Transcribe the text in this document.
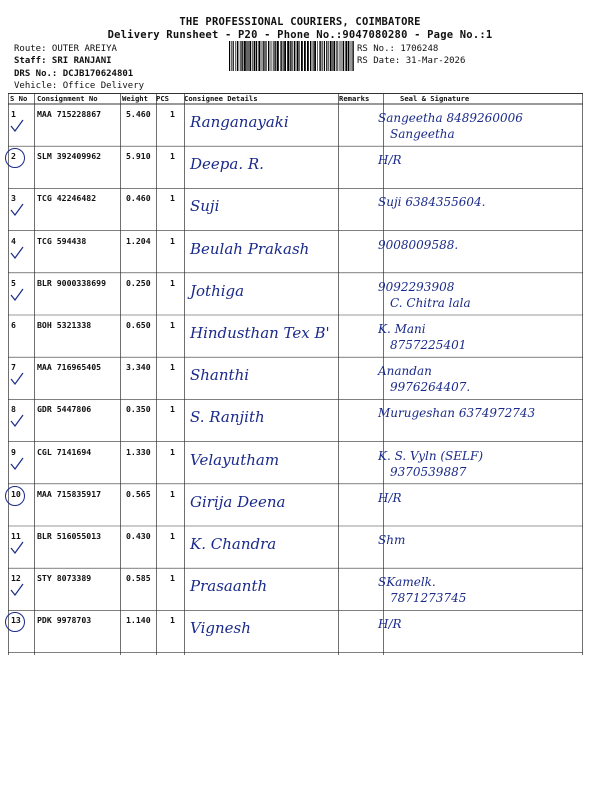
THE PROFESSIONAL COURIERS, COIMBATORE
Delivery Runsheet - P20 - Phone No.:9047080280 - Page No.:1
Route: OUTER AREIYA
Staff: SRI RANJANI
DRS No.: DCJB170624801
Vehicle: Office Delivery
RS No.: 1706248
RS Date: 31-Mar-2026
S No Consignment No	Weight PCS Consignee Details	Remarks	Seal & Signature
1	MAA 715228867	5.460 1 Ranganayaki	Sangeetha 8489260006
Sangeetha
2	SLM 392409962	5.910 1 Deepa. R.	H/R
3	TCG 42246482	0.460 1 Suji	Suji 6384355604.
4	TCG 594438	1.204 1 Beulah Prakash	9008009588.
5	BLR 9000338699 0.250 1 Jothiga	9092293908
C. Chitra lala
6	BOH 5321338	0.650 1 Hindusthan Tex B'	K. Mani
8757225401
7	MAA 716965405	3.340 1 Shanthi	Anandan
9976264407.
8	GDR 5447806	0.350 1 S. Ranjith	Murugeshan 6374972743
9	CGL 7141694	1.330 1 Velayutham	K. S. Vyln (SELF)
9370539887
10 MAA 715835917	0.565 1 Girija Deena	H/R
11 BLR 516055013	0.430 1 K. Chandra	Shm
12 STY 8073389	0.585 1 Prasaanth	SKamelk.
7871273745
13 PDK 9978703	1.140 1 Vignesh	H/R
